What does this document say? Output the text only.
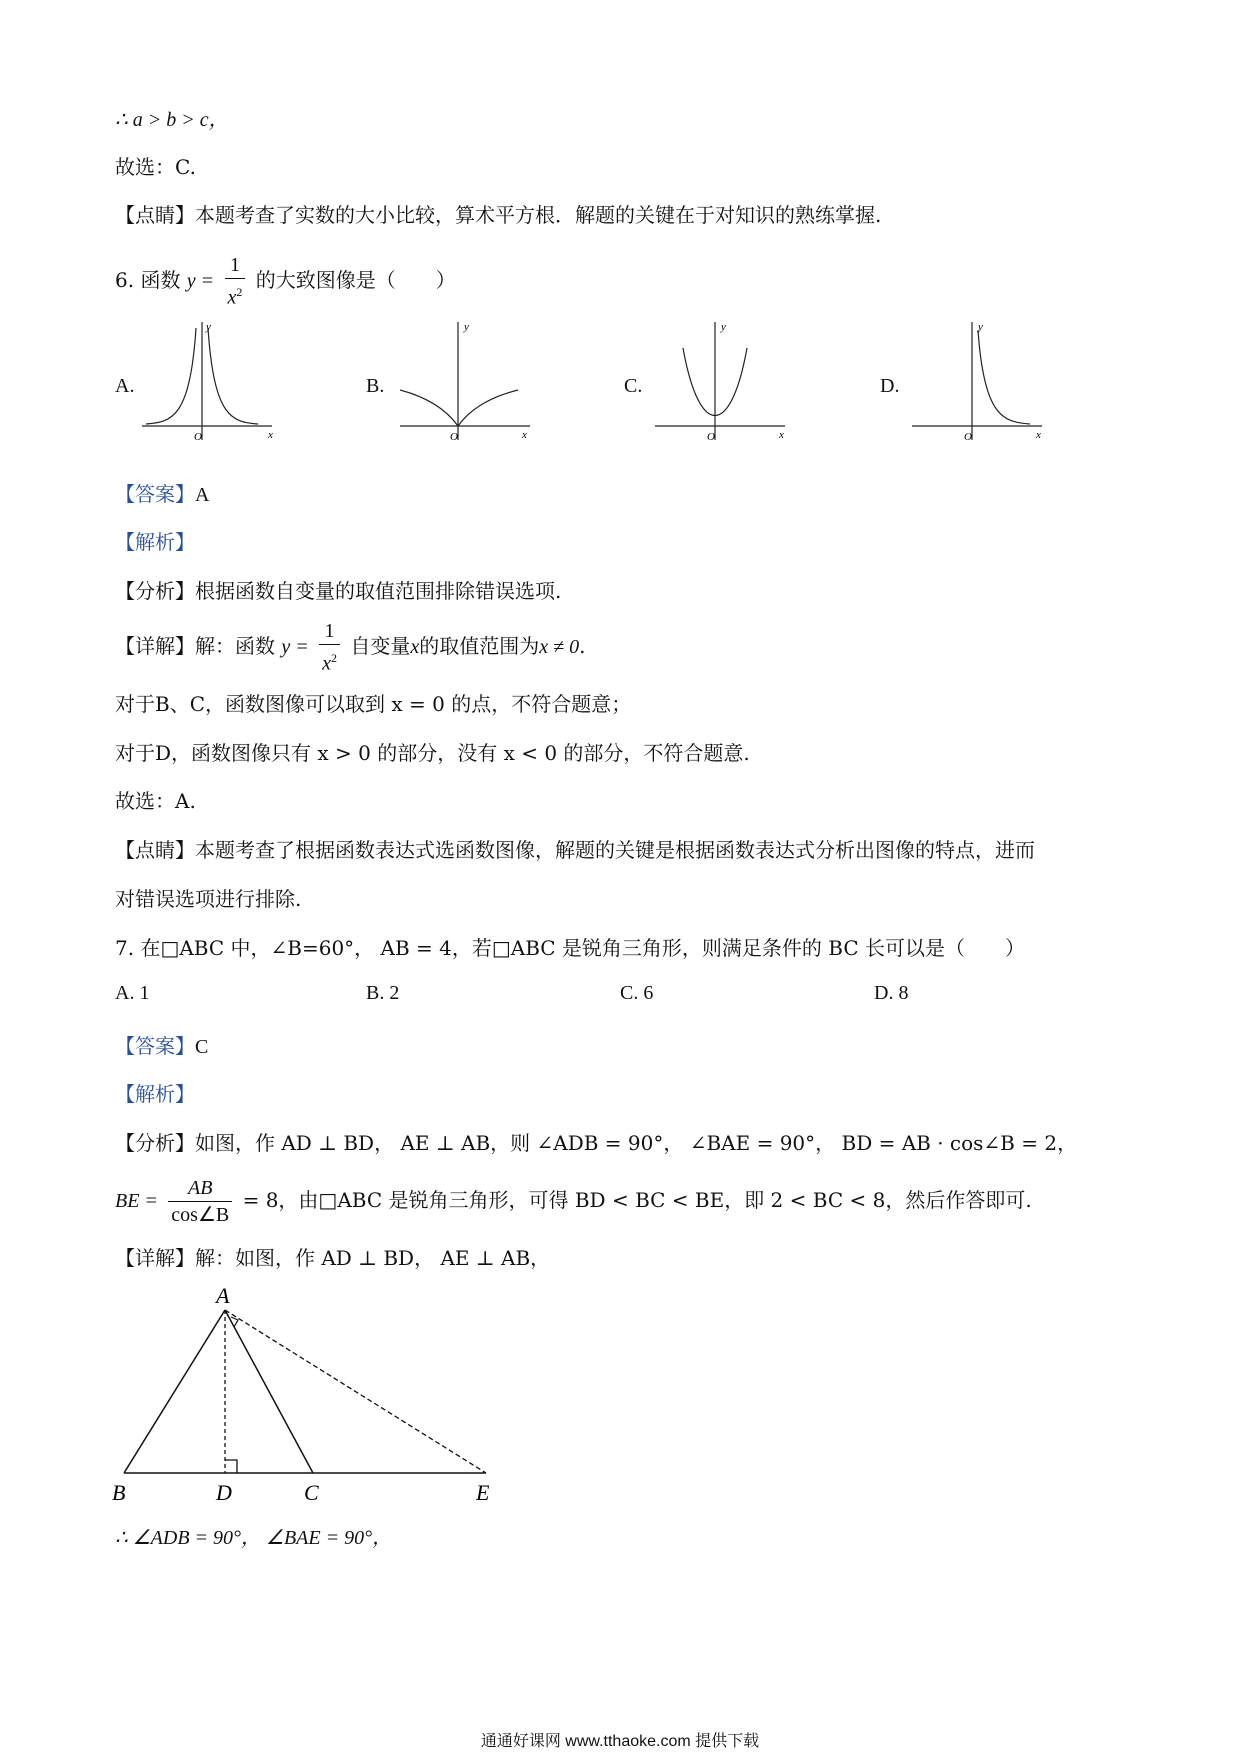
∴ a > b > c，
故选：C.
【点睛】本题考查了实数的大小比较，算术平方根．解题的关键在于对知识的熟练掌握.
6. 函数 $y = \frac{1}{x^2}$ 的大致图像是（　　）
A.
y
O	x
B.
y
O	x
C.
y
O	x
D.
y
O	x
【答案】A
【解析】
【分析】根据函数自变量的取值范围排除错误选项.
【详解】解：函数 $y = \frac{1}{x^2}$ 自变量x的取值范围为x ≠ 0.
对于B、C，函数图像可以取到 x = 0 的点，不符合题意；
对于D，函数图像只有 x > 0 的部分，没有 x < 0 的部分，不符合题意.
故选：A.
【点睛】本题考查了根据函数表达式选函数图像，解题的关键是根据函数表达式分析出图像的特点，进而
对错误选项进行排除.
7. 在□ABC 中，∠B=60°， AB = 4，若□ABC 是锐角三角形，则满足条件的 BC 长可以是（　　）
A. 1	B. 2	C. 6	D. 8
【答案】C
【解析】
【分析】如图，作 AD ⊥ BD， AE ⊥ AB，则 ∠ADB = 90°， ∠BAE = 90°， BD = AB · cos∠B = 2，
BE = $\frac{AB}{\cos\angle B} = 8$，由□ABC 是锐角三角形，可得 BD < BC < BE，即 2 < BC < 8，然后作答即可.
【详解】解：如图，作 AD ⊥ BD， AE ⊥ AB，
A
B	D	C	E
∴ ∠ADB = 90°， ∠BAE = 90°，
通通好课网 www.tthaoke.com 提供下载
